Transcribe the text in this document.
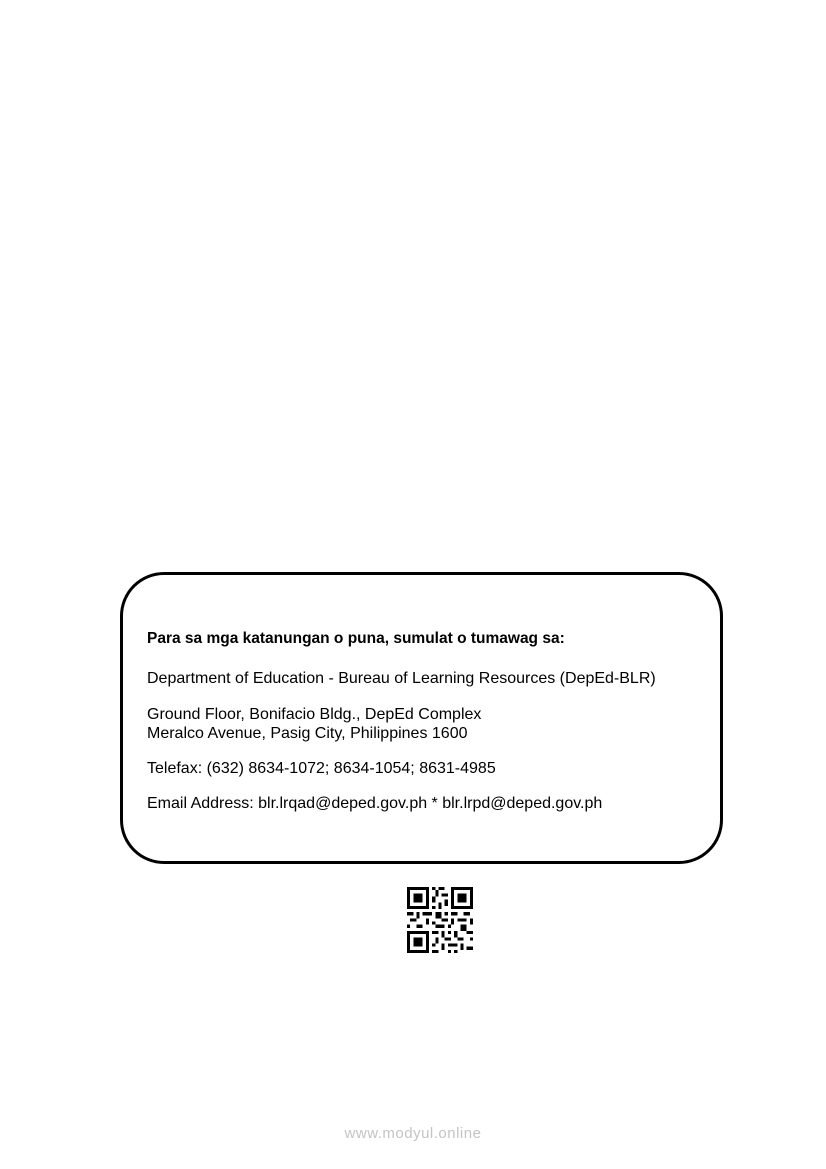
Para sa mga katanungan o puna, sumulat o tumawag sa:
Department of Education - Bureau of Learning Resources (DepEd-BLR)
Ground Floor, Bonifacio Bldg., DepEd Complex
Meralco Avenue, Pasig City, Philippines 1600
Telefax: (632) 8634-1072; 8634-1054; 8631-4985
Email Address: blr.lrqad@deped.gov.ph * blr.lrpd@deped.gov.ph
www.modyul.online
